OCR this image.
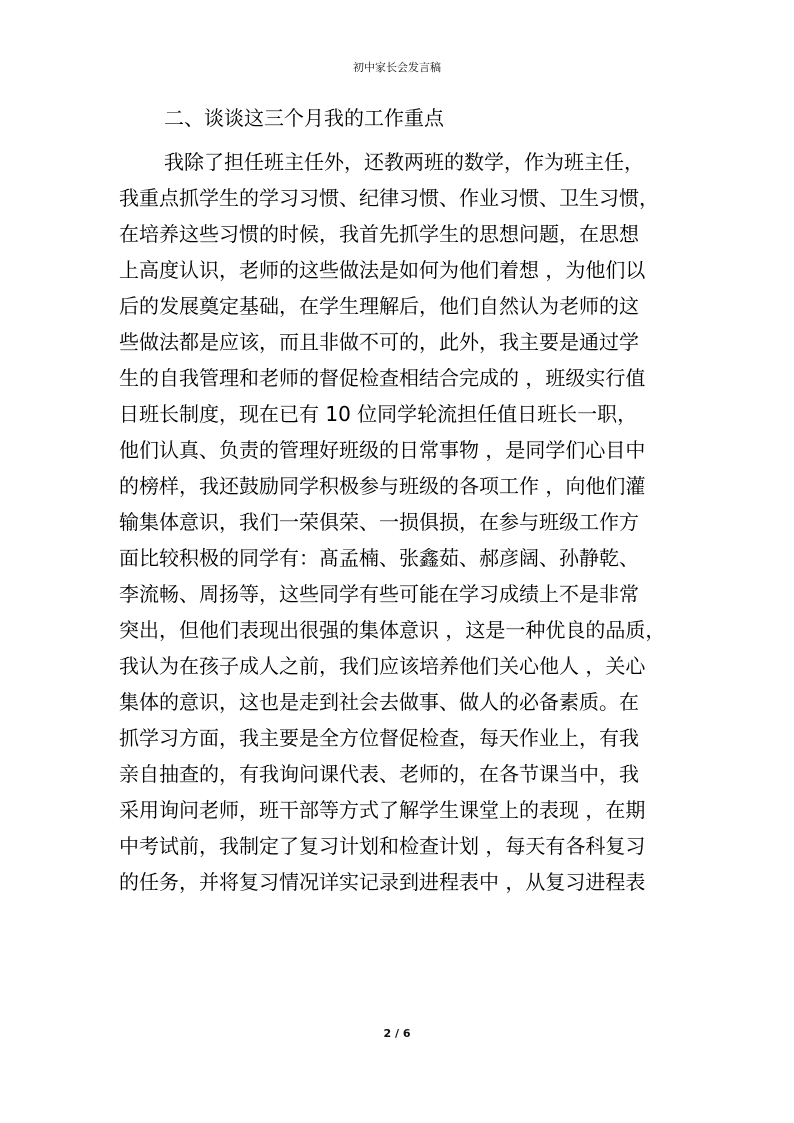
初中家长会发言稿
二、谈谈这三个月我的工作重点
我除了担任班主任外，还教两班的数学，作为班主任，
我重点抓学生的学习习惯、纪律习惯、作业习惯、卫生习惯，
在培养这些习惯的时候，我首先抓学生的思想问题，在思想
上高度认识，老师的这些做法是如何为他们着想 ，为他们以
后的发展奠定基础，在学生理解后，他们自然认为老师的这
些做法都是应该，而且非做不可的，此外，我主要是通过学
生的自我管理和老师的督促检查相结合完成的 ，班级实行值
日班长制度，现在已有 10 位同学轮流担任值日班长一职，
他们认真、负责的管理好班级的日常事物 ，是同学们心目中
的榜样，我还鼓励同学积极参与班级的各项工作 ，向他们灌
输集体意识，我们一荣俱荣、一损俱损，在参与班级工作方
面比较积极的同学有：髙孟楠、张鑫茹、郝彦阔、孙静乾、
李流畅、周扬等，这些同学有些可能在学习成绩上不是非常
突出，但他们表现出很强的集体意识 ，这是一种优良的品质，
我认为在孩子成人之前，我们应该培养他们关心他人 ，关心
集体的意识，这也是走到社会去做事、做人的必备素质。在
抓学习方面，我主要是全方位督促检查，每天作业上，有我
亲自抽查的，有我询问课代表、老师的，在各节课当中，我
采用询问老师，班干部等方式了解学生课堂上的表现 ，在期
中考试前，我制定了复习计划和检查计划 ，每天有各科复习
的任务，并将复习情况详实记录到进程表中 ，从复习进程表
2 / 6
